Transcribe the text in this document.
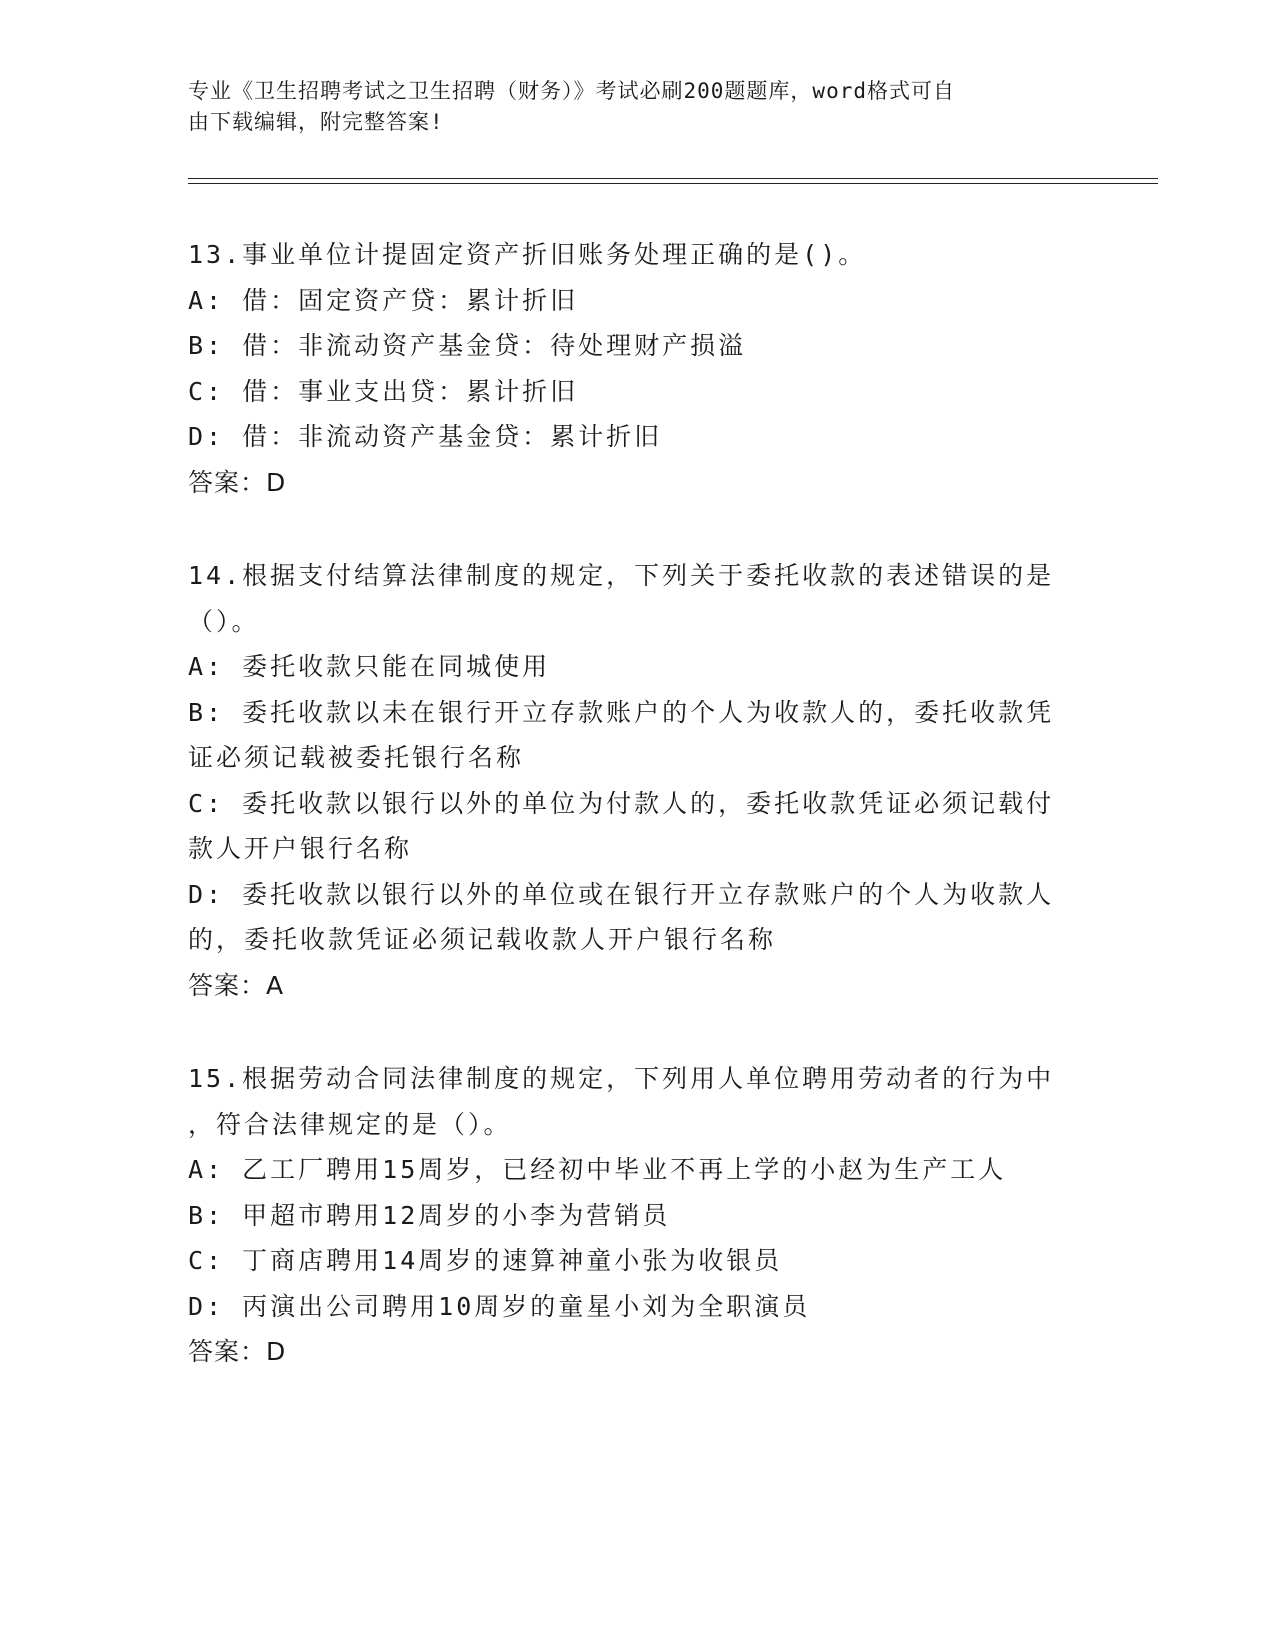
专业《卫生招聘考试之卫生招聘（财务）》考试必刷200题题库，word格式可自
由下载编辑，附完整答案!
13.事业单位计提固定资产折旧账务处理正确的是()。
A: 借：固定资产贷：累计折旧
B: 借：非流动资产基金贷：待处理财产损溢
C: 借：事业支出贷：累计折旧
D: 借：非流动资产基金贷：累计折旧
答案：D
14.根据支付结算法律制度的规定，下列关于委托收款的表述错误的是
（）。
A: 委托收款只能在同城使用
B: 委托收款以未在银行开立存款账户的个人为收款人的，委托收款凭
证必须记载被委托银行名称
C: 委托收款以银行以外的单位为付款人的，委托收款凭证必须记载付
款人开户银行名称
D: 委托收款以银行以外的单位或在银行开立存款账户的个人为收款人
的，委托收款凭证必须记载收款人开户银行名称
答案：A
15.根据劳动合同法律制度的规定，下列用人单位聘用劳动者的行为中
，符合法律规定的是（）。
A: 乙工厂聘用15周岁，已经初中毕业不再上学的小赵为生产工人
B: 甲超市聘用12周岁的小李为营销员
C: 丁商店聘用14周岁的速算神童小张为收银员
D: 丙演出公司聘用10周岁的童星小刘为全职演员
答案：D
